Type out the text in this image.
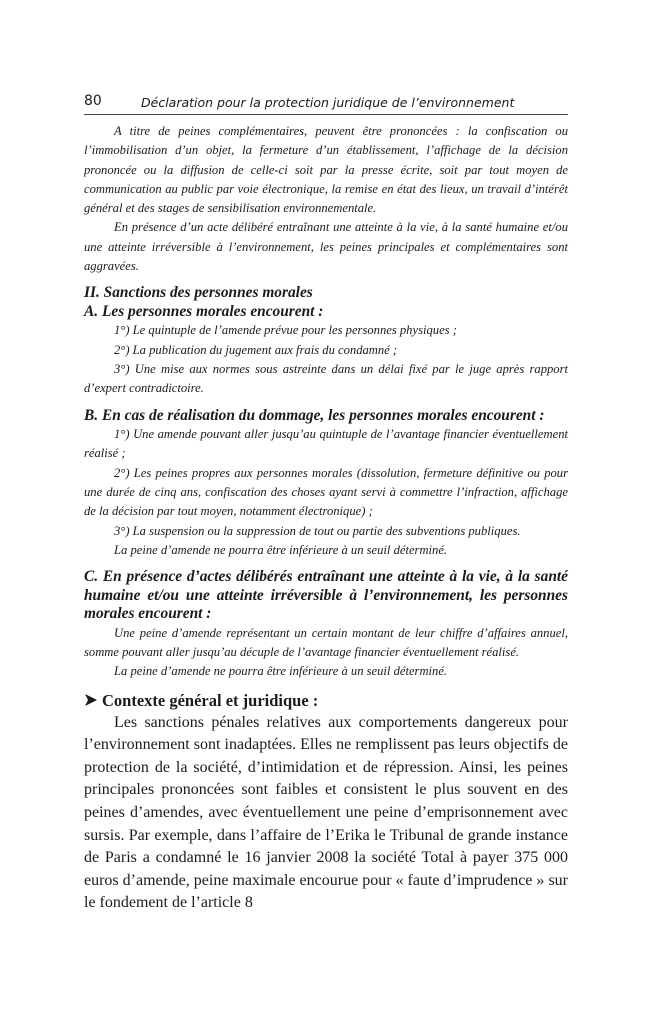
80	Déclaration pour la protection juridique de l’environnement

A titre de peines complémentaires, peuvent être prononcées : la confiscation ou l’immobilisation d’un objet, la fermeture d’un établissement, l’affichage de la décision prononcée ou la diffusion de celle-ci soit par la presse écrite, soit par tout moyen de communication au public par voie électronique, la remise en état des lieux, un travail d’intérêt général et des stages de sensibilisation environnementale.

En présence d’un acte délibéré entraînant une atteinte à la vie, à la santé humaine et/ou une atteinte irréversible à l’environnement, les peines principales et complémentaires sont aggravées.

II. Sanctions des personnes morales

A. Les personnes morales encourent :

1°) Le quintuple de l’amende prévue pour les personnes physiques ;

2°) La publication du jugement aux frais du condamné ;

3°) Une mise aux normes sous astreinte dans un délai fixé par le juge après rapport d’expert contradictoire.

B. En cas de réalisation du dommage, les personnes morales encourent :

1°) Une amende pouvant aller jusqu’au quintuple de l’avantage financier éventuellement réalisé ;

2°) Les peines propres aux personnes morales (dissolution, fermeture définitive ou pour une durée de cinq ans, confiscation des choses ayant servi à commettre l’infraction, affichage de la décision par tout moyen, notamment électronique) ;

3°) La suspension ou la suppression de tout ou partie des subventions publiques.

La peine d’amende ne pourra être inférieure à un seuil déterminé.

C. En présence d’actes délibérés entraînant une atteinte à la vie, à la santé humaine et/ou une atteinte irréversible à l’environnement, les personnes morales encourent :

Une peine d’amende représentant un certain montant de leur chiffre d’affaires annuel, somme pouvant aller jusqu’au décuple de l’avantage financier éventuellement réalisé.

La peine d’amende ne pourra être inférieure à un seuil déterminé.

Contexte général et juridique :

Les sanctions pénales relatives aux comportements dangereux pour l’environnement sont inadaptées. Elles ne remplissent pas leurs objectifs de protection de la société, d’intimidation et de répression. Ainsi, les peines principales prononcées sont faibles et consistent le plus souvent en des peines d’amendes, avec éventuellement une peine d’emprisonnement avec sursis. Par exemple, dans l’affaire de l’Erika le Tribunal de grande instance de Paris a condamné le 16 janvier 2008 la société Total à payer 375 000 euros d’amende, peine maximale encourue pour « faute d’imprudence » sur le fondement de l’article 8
